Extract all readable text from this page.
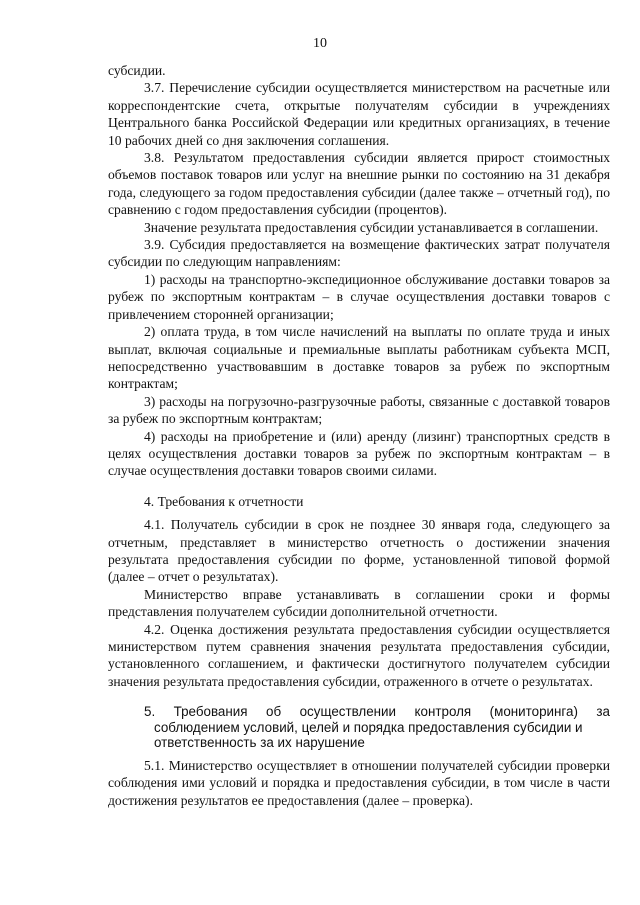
10

субсидии.

3.7. Перечисление субсидии осуществляется министерством на расчетные или корреспондентские счета, открытые получателям субсидии в учреждениях Центрального банка Российской Федерации или кредитных организациях, в течение 10 рабочих дней со дня заключения соглашения.

3.8. Результатом предоставления субсидии является прирост стоимостных объемов поставок товаров или услуг на внешние рынки по состоянию на 31 декабря года, следующего за годом предоставления субсидии (далее также – отчетный год), по сравнению с годом предоставления субсидии (процентов).

Значение результата предоставления субсидии устанавливается в соглашении.

3.9. Субсидия предоставляется на возмещение фактических затрат получателя субсидии по следующим направлениям:

1) расходы на транспортно-экспедиционное обслуживание доставки товаров за рубеж по экспортным контрактам – в случае осуществления доставки товаров с привлечением сторонней организации;

2) оплата труда, в том числе начислений на выплаты по оплате труда и иных выплат, включая социальные и премиальные выплаты работникам субъекта МСП, непосредственно участвовавшим в доставке товаров за рубеж по экспортным контрактам;

3) расходы на погрузочно-разгрузочные работы, связанные с доставкой товаров за рубеж по экспортным контрактам;

4) расходы на приобретение и (или) аренду (лизинг) транспортных средств в целях осуществления доставки товаров за рубеж по экспортным контрактам – в случае осуществления доставки товаров своими силами.

4. Требования к отчетности

4.1. Получатель субсидии в срок не позднее 30 января года, следующего за отчетным, представляет в министерство отчетность о достижении значения результата предоставления субсидии по форме, установленной типовой формой (далее – отчет о результатах).

Министерство вправе устанавливать в соглашении сроки и формы представления получателем субсидии дополнительной отчетности.

4.2. Оценка достижения результата предоставления субсидии осуществляется министерством путем сравнения значения результата предоставления субсидии, установленного соглашением, и фактически достигнутого получателем субсидии значения результата предоставления субсидии, отраженного в отчете о результатах.

5. Требования об осуществлении контроля (мониторинга) за
соблюдением условий, целей и порядка предоставления субсидии и
ответственность за их нарушение

5.1. Министерство осуществляет в отношении получателей субсидии проверки соблюдения ими условий и порядка и предоставления субсидии, в том числе в части достижения результатов ее предоставления (далее – проверка).
